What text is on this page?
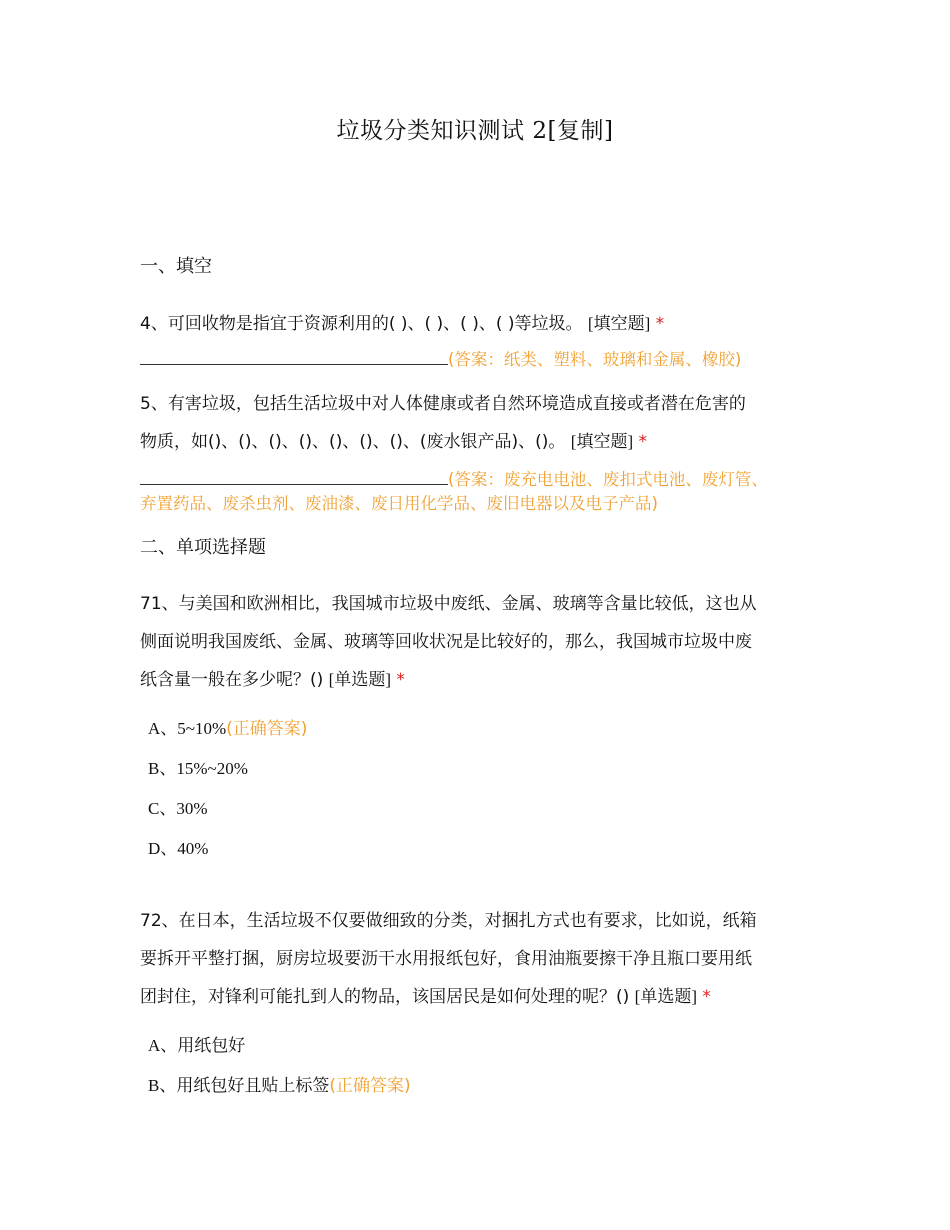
垃圾分类知识测试 2[复制]
一、填空
4、可回收物是指宜于资源利用的( )、( )、( )、( )等垃圾。 [填空题] *
(答案：纸类、塑料、玻璃和金属、橡胶)
5、有害垃圾，包括生活垃圾中对人体健康或者自然环境造成直接或者潜在危害的
物质，如()、()、()、()、()、()、()、(废水银产品)、()。 [填空题] *
(答案：废充电电池、废扣式电池、废灯管、
弃置药品、废杀虫剂、废油漆、废日用化学品、废旧电器以及电子产品)
二、单项选择题
71、与美国和欧洲相比，我国城市垃圾中废纸、金属、玻璃等含量比较低，这也从
侧面说明我国废纸、金属、玻璃等回收状况是比较好的，那么，我国城市垃圾中废
纸含量一般在多少呢？() [单选题] *
A、5~10%(正确答案)
B、15%~20%
C、30%
D、40%
72、在日本，生活垃圾不仅要做细致的分类，对捆扎方式也有要求，比如说，纸箱
要拆开平整打捆，厨房垃圾要沥干水用报纸包好，食用油瓶要擦干净且瓶口要用纸
团封住，对锋利可能扎到人的物品，该国居民是如何处理的呢？() [单选题] *
A、用纸包好
B、用纸包好且贴上标签(正确答案)
